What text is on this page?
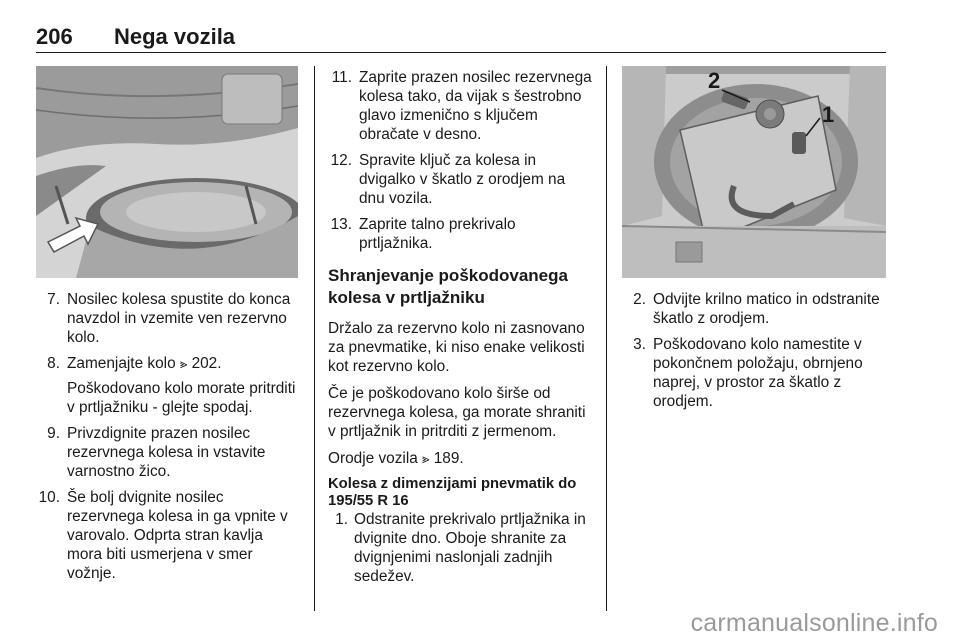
206 Nega vozila
2
1
7. Nosilec kolesa spustite do konca navzdol in vzemite ven rezervno kolo.
8. Zamenjajte kolo ⪢ 202.
Poškodovano kolo morate pritrditi v prtljažniku - glejte spodaj.
9. Privzdignite prazen nosilec rezervnega kolesa in vstavite varnostno žico.
10. Še bolj dvignite nosilec rezervnega kolesa in ga vpnite v varovalo. Odprta stran kavlja mora biti usmerjena v smer vožnje.
11. Zaprite prazen nosilec rezervnega kolesa tako, da vijak s šestrobno glavo izmenično s ključem obračate v desno.
12. Spravite ključ za kolesa in dvigalko v škatlo z orodjem na dnu vozila.
13. Zaprite talno prekrivalo prtljažnika.
Shranjevanje poškodovanega kolesa v prtljažniku

Držalo za rezervno kolo ni zasnovano za pnevmatike, ki niso enake velikosti kot rezervno kolo.

Če je poškodovano kolo širše od rezervnega kolesa, ga morate shraniti v prtljažnik in pritrditi z jermenom.

Orodje vozila ⪢ 189.

Kolesa z dimenzijami pnevmatik do 195/55 R 16
1. Odstranite prekrivalo prtljažnika in dvignite dno. Oboje shranite za dvignjenimi naslonjali zadnjih sedežev.
2. Odvijte krilno matico in odstranite škatlo z orodjem.
3. Poškodovano kolo namestite v pokončnem položaju, obrnjeno naprej, v prostor za škatlo z orodjem.
carmanualsonline.info
